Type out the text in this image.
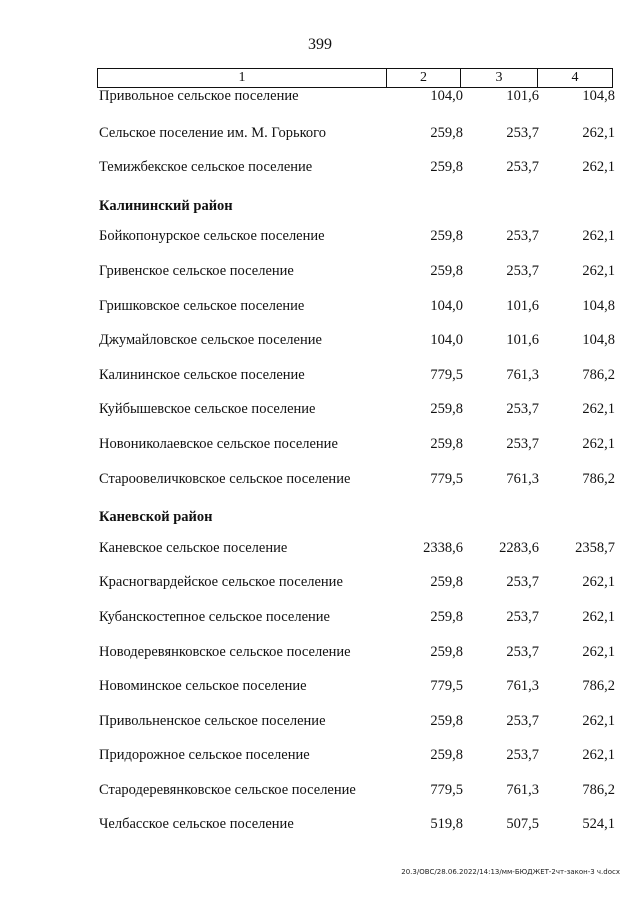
399
1	2	3	4
Привольное сельское поселение	104,0	101,6	104,8
Сельское поселение им. М. Горького	259,8	253,7	262,1
Темижбекское сельское поселение	259,8	253,7	262,1
Калининский район
Бойкопонурское сельское поселение	259,8	253,7	262,1
Гривенское сельское поселение	259,8	253,7	262,1
Гришковское сельское поселение	104,0	101,6	104,8
Джумайловское сельское поселение	104,0	101,6	104,8
Калининское сельское поселение	779,5	761,3	786,2
Куйбышевское сельское поселение	259,8	253,7	262,1
Новониколаевское сельское поселение	259,8	253,7	262,1
Староовеличковское сельское поселение	779,5	761,3	786,2
Каневской район
Каневское сельское поселение	2338,6	2283,6	2358,7
Красногвардейское сельское поселение	259,8	253,7	262,1
Кубанскостепное сельское поселение	259,8	253,7	262,1
Новодеревянковское сельское поселение	259,8	253,7	262,1
Новоминское сельское поселение	779,5	761,3	786,2
Привольненское сельское поселение	259,8	253,7	262,1
Придорожное сельское поселение	259,8	253,7	262,1
Стародеревянковское сельское поселение	779,5	761,3	786,2
Челбасское сельское поселение	519,8	507,5	524,1
20.3/ОВС/28.06.2022/14:13/мм-БЮДЖЕТ-2чт-закон-3 ч.docx
